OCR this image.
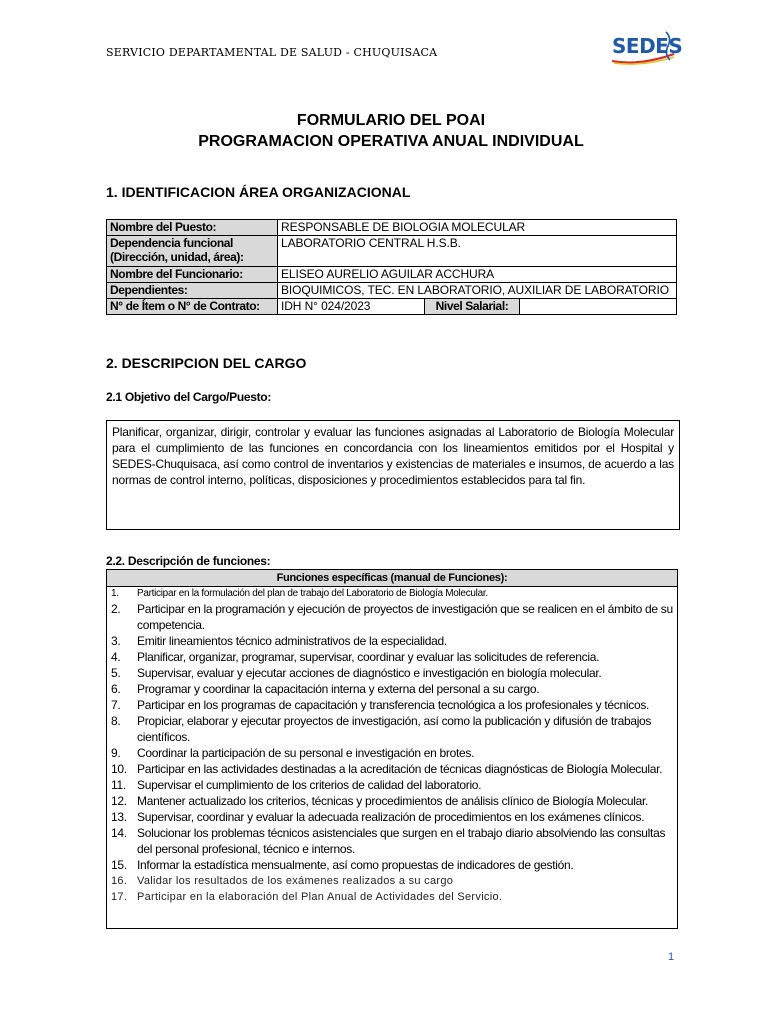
SERVICIO DEPARTAMENTAL DE SALUD - CHUQUISACA	SEDES
FORMULARIO DEL POAI
PROGRAMACION OPERATIVA ANUAL INDIVIDUAL
1. IDENTIFICACION ÁREA ORGANIZACIONAL
Nombre del Puesto:	RESPONSABLE DE BIOLOGIA MOLECULAR		
Dependencia funcional (Dirección, unidad, área):	LABORATORIO CENTRAL H.S.B.		
Nombre del Funcionario:	ELISEO AURELIO AGUILAR ACCHURA		
Dependientes:	BIOQUIMICOS, TEC. EN LABORATORIO, AUXILIAR DE LABORATORIO		
N° de Ítem o N° de Contrato:	IDH N° 024/2023	Nivel Salarial:	
2. DESCRIPCION DEL CARGO
2.1 Objetivo del Cargo/Puesto:
Planificar, organizar, dirigir, controlar y evaluar las funciones asignadas al Laboratorio de Biología Molecular para el cumplimiento de las funciones en concordancia con los lineamientos emitidos por el Hospital y SEDES-Chuquisaca, así como control de inventarios y existencias de materiales e insumos, de acuerdo a las normas de control interno, políticas, disposiciones y procedimientos establecidos para tal fin.
2.2. Descripción de funciones:
Funciones específicas (manual de Funciones):
1. Participar en la formulación del plan de trabajo del Laboratorio de Biología Molecular.
2. Participar en la programación y ejecución de proyectos de investigación que se realicen en el ámbito de su competencia.
3. Emitir lineamientos técnico administrativos de la especialidad.
4. Planificar, organizar, programar, supervisar, coordinar y evaluar las solicitudes de referencia.
5. Supervisar, evaluar y ejecutar acciones de diagnóstico e investigación en biología molecular.
6. Programar y coordinar la capacitación interna y externa del personal a su cargo.
7. Participar en los programas de capacitación y transferencia tecnológica a los profesionales y técnicos.
8. Propiciar, elaborar y ejecutar proyectos de investigación, así como la publicación y difusión de trabajos científicos.
9. Coordinar la participación de su personal e investigación en brotes.
10. Participar en las actividades destinadas a la acreditación de técnicas diagnósticas de Biología Molecular.
11. Supervisar el cumplimiento de los criterios de calidad del laboratorio.
12. Mantener actualizado los criterios, técnicas y procedimientos de análisis clínico de Biología Molecular.
13. Supervisar, coordinar y evaluar la adecuada realización de procedimientos en los exámenes clínicos.
14. Solucionar los problemas técnicos asistenciales que surgen en el trabajo diario absolviendo las consultas del personal profesional, técnico e internos.
15. Informar la estadística mensualmente, así como propuestas de indicadores de gestión.
16. Validar los resultados de los exámenes realizados a su cargo
17. Participar en la elaboración del Plan Anual de Actividades del Servicio.
1
